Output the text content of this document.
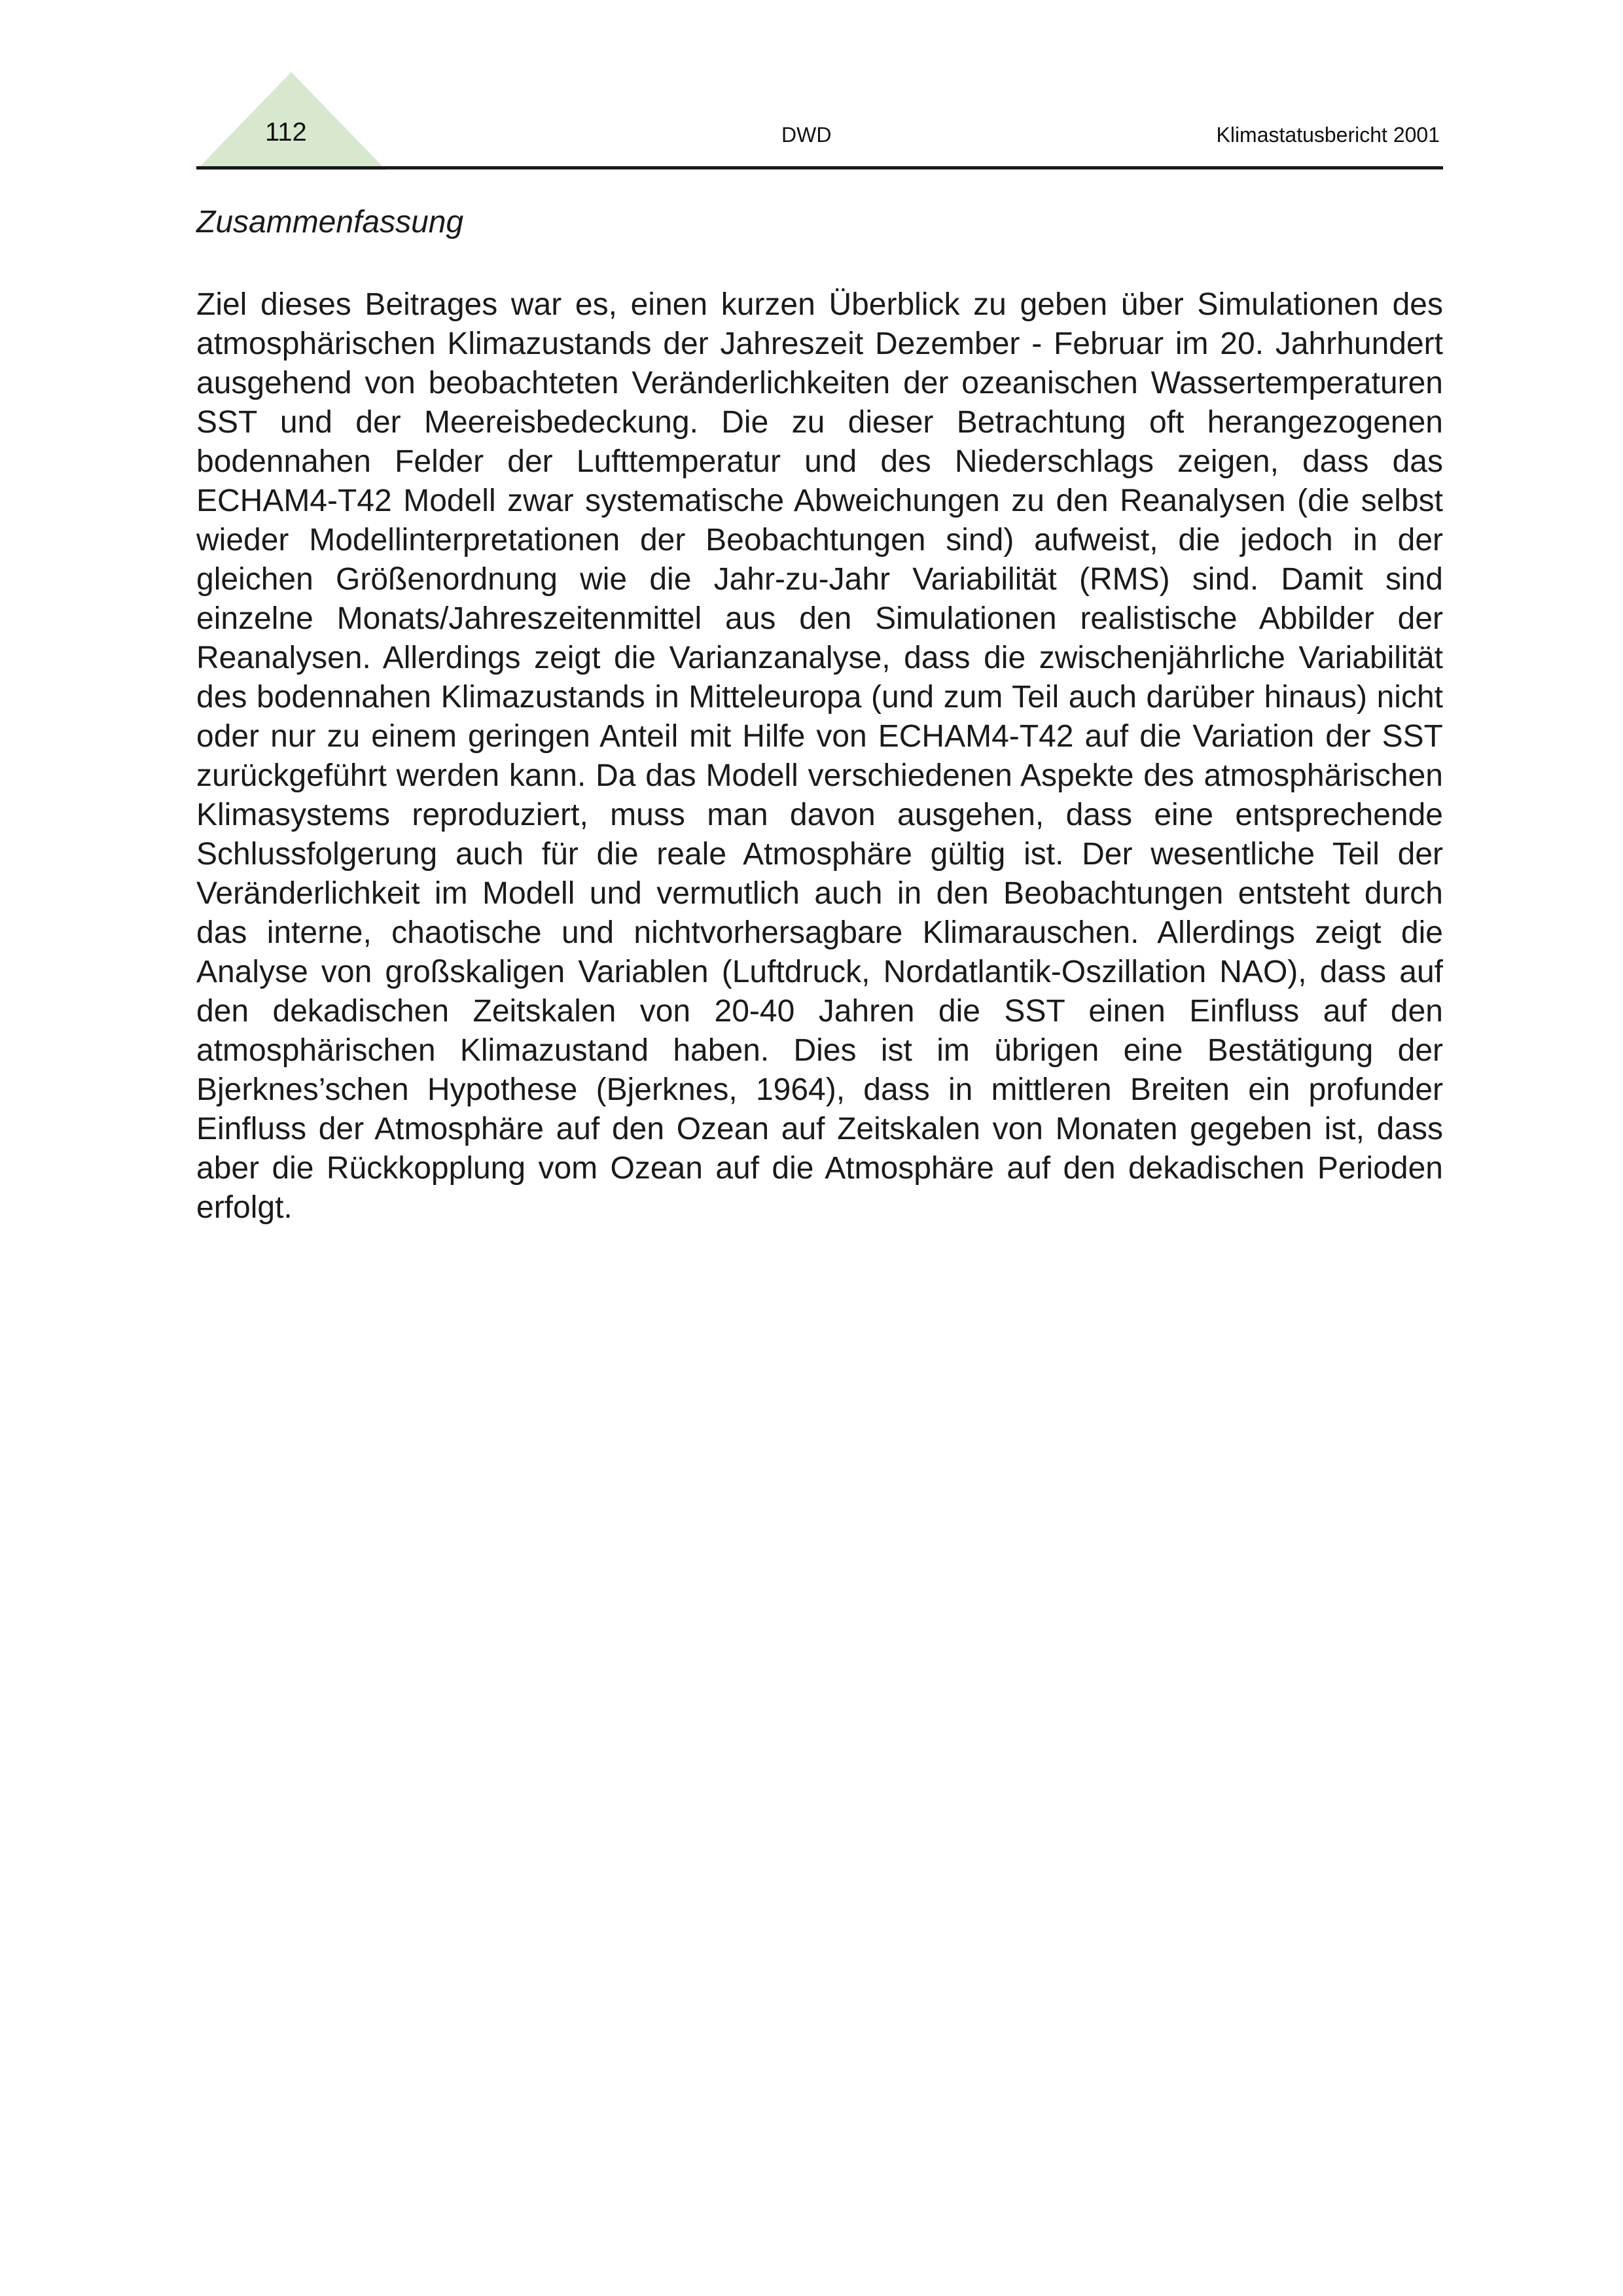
112	DWD	Klimastatusbericht 2001
Zusammenfassung

Ziel dieses Beitrages war es, einen kurzen Überblick zu geben über Simulationen des atmosphärischen Klimazustands der Jahreszeit Dezember - Februar im 20. Jahrhundert ausgehend von beobachteten Veränderlichkeiten der ozeanischen Wassertemperaturen SST und der Meereisbedeckung. Die zu dieser Betrachtung oft herangezogenen bodennahen Felder der Lufttemperatur und des Niederschlags zeigen, dass das ECHAM4-T42 Modell zwar systematische Abweichungen zu den Reanalysen (die selbst wieder Modellinterpretationen der Beobachtungen sind) aufweist, die jedoch in der gleichen Größenordnung wie die Jahr-zu-Jahr Variabilität (RMS) sind. Damit sind einzelne Monats/Jahreszeitenmittel aus den Simulationen realistische Abbilder der Reanalysen. Allerdings zeigt die Varianzanalyse, dass die zwischenjährliche Variabilität des bodennahen Klimazustands in Mitteleuropa (und zum Teil auch darüber hinaus) nicht oder nur zu einem geringen Anteil mit Hilfe von ECHAM4-T42 auf die Variation der SST zurückgeführt werden kann. Da das Modell verschiedenen Aspekte des atmosphärischen Klimasystems reproduziert, muss man davon ausgehen, dass eine entsprechende Schlussfolgerung auch für die reale Atmosphäre gültig ist. Der wesentliche Teil der Veränderlichkeit im Modell und vermutlich auch in den Beobachtungen entsteht durch das interne, chaotische und nichtvorhersagbare Klimarauschen. Allerdings zeigt die Analyse von großskaligen Variablen (Luftdruck, Nordatlantik-Oszillation NAO), dass auf den dekadischen Zeitskalen von 20-40 Jahren die SST einen Einfluss auf den atmosphärischen Klimazustand haben. Dies ist im übrigen eine Bestätigung der Bjerknes’schen Hypothese (Bjerknes, 1964), dass in mittleren Breiten ein profunder Einfluss der Atmosphäre auf den Ozean auf Zeitskalen von Monaten gegeben ist, dass aber die Rückkopplung vom Ozean auf die Atmosphäre auf den dekadischen Perioden erfolgt.
